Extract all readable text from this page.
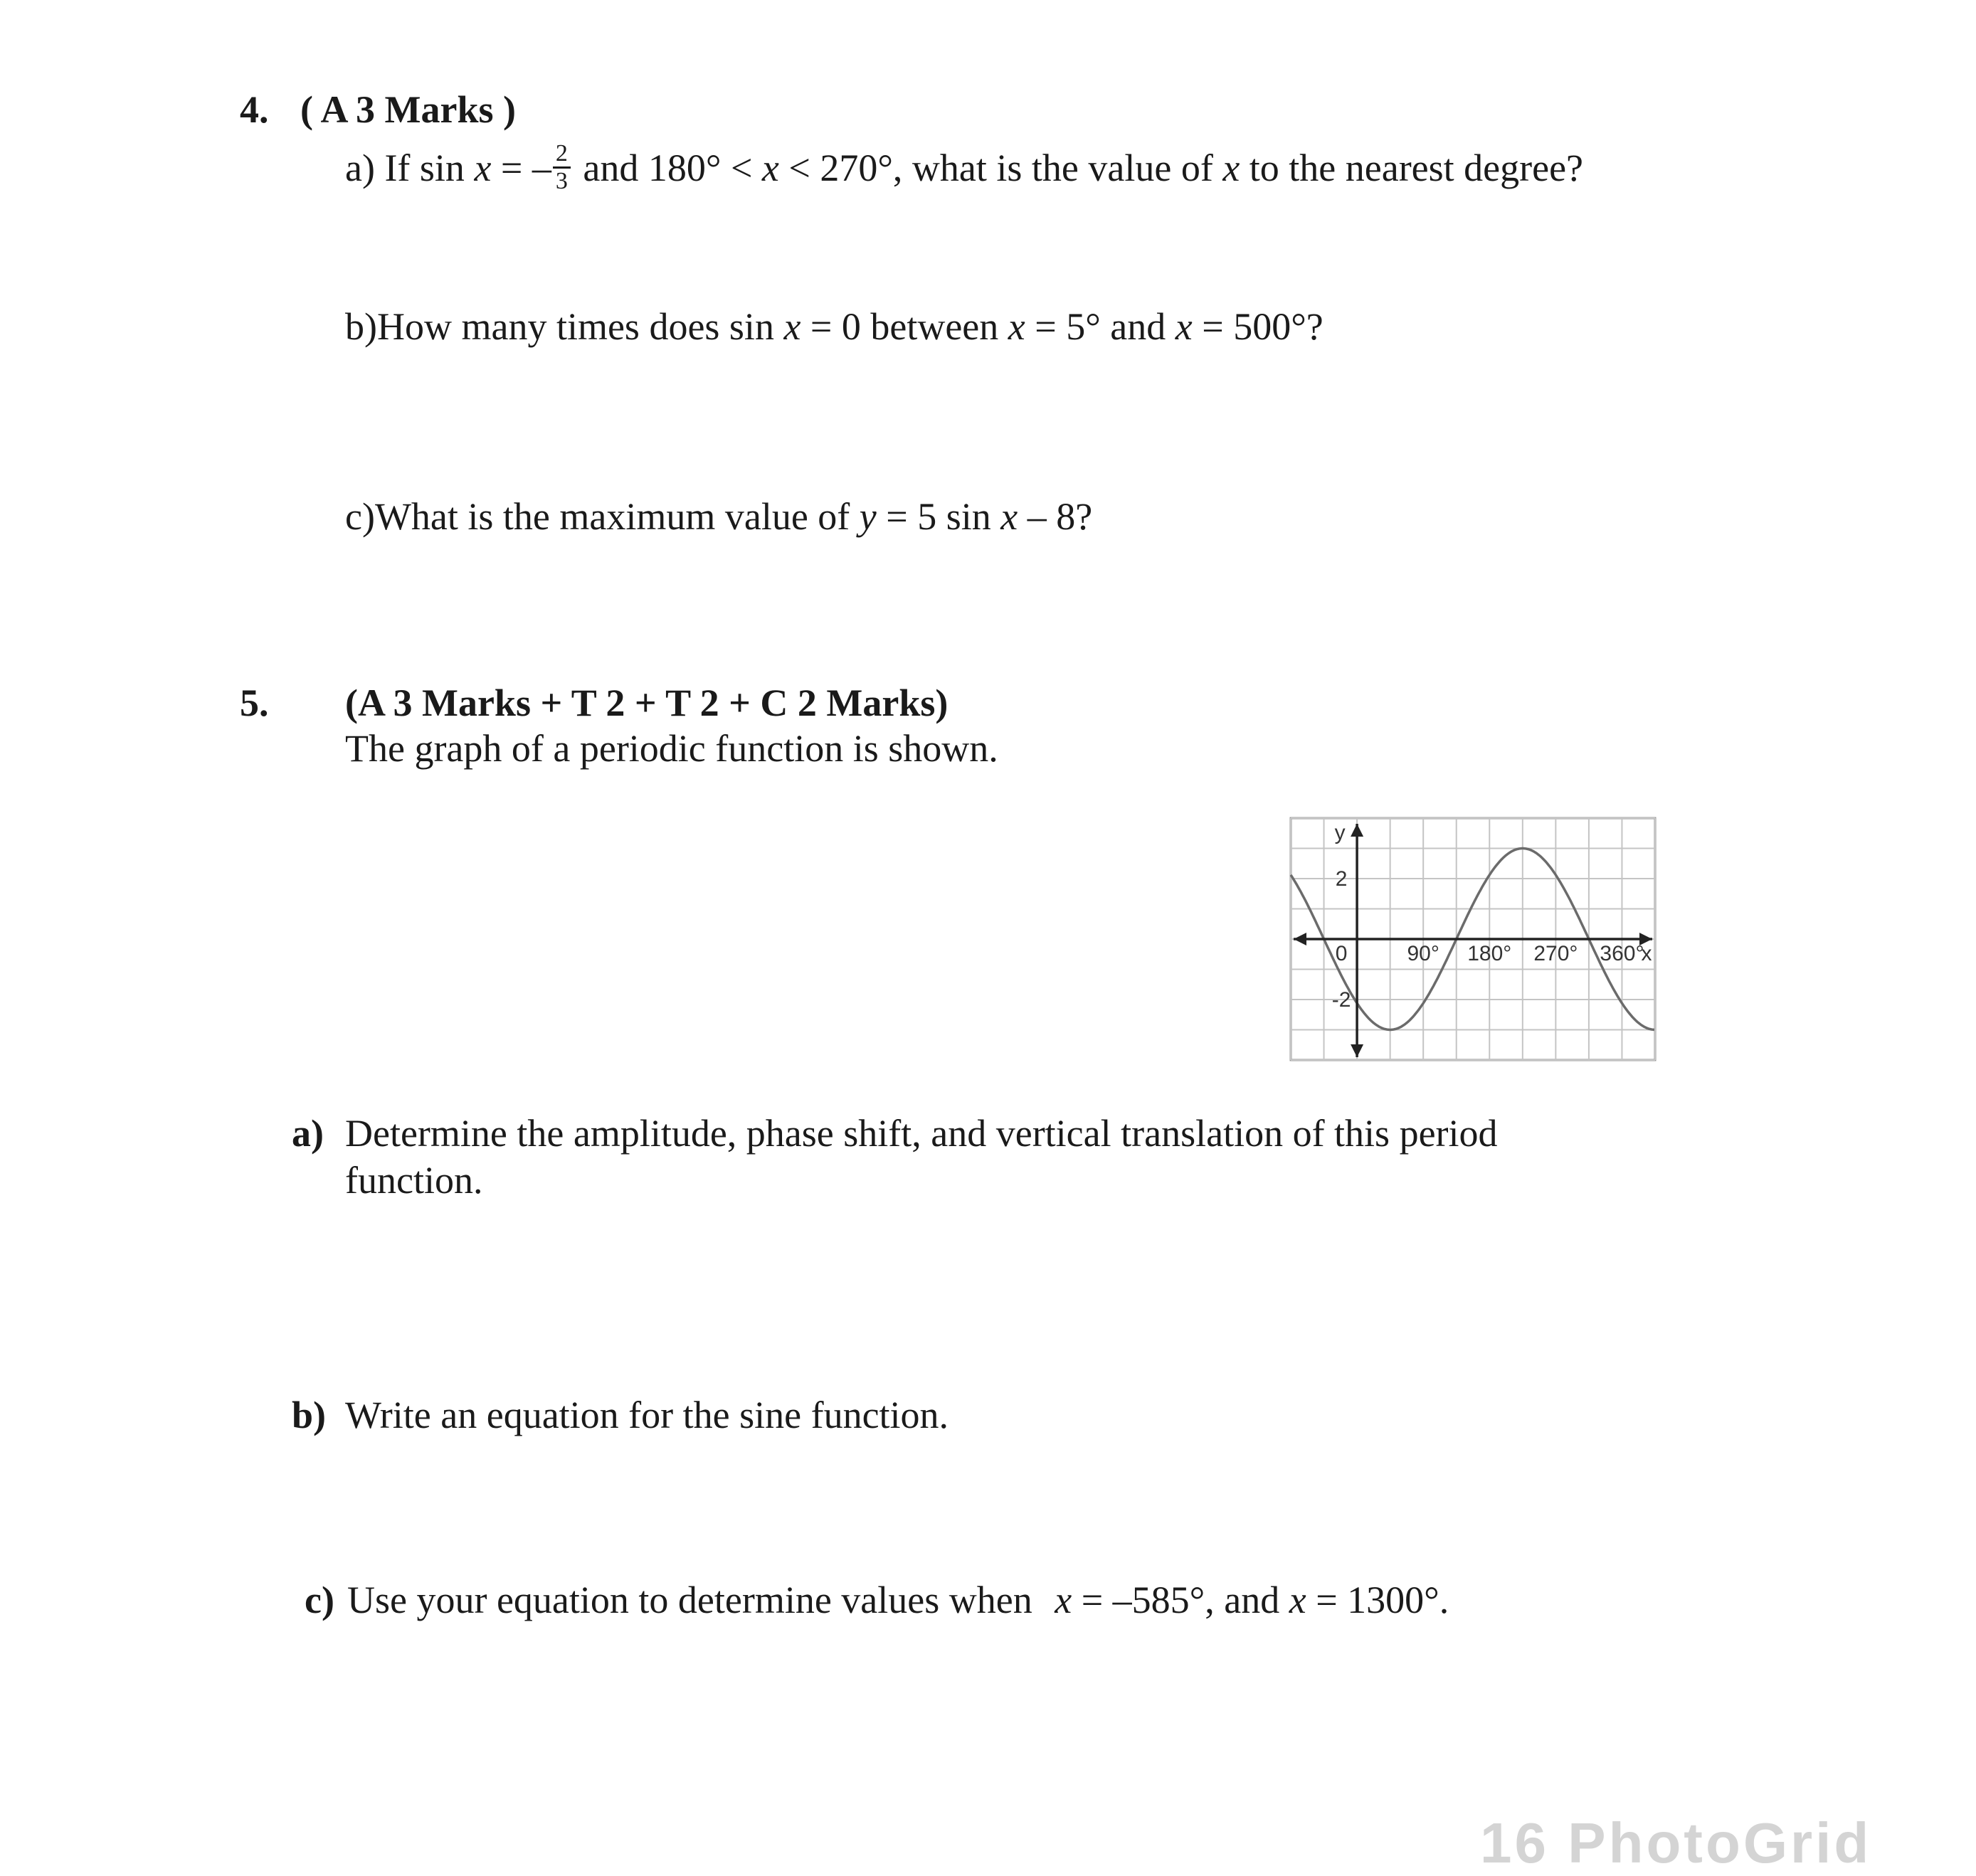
4. ( A 3 Marks )
a) If sin x = – $\frac{2}{3}$ and 180° < x < 270°, what is the value of x to the nearest degree?
b)How many times does sin x = 0 between x = 5° and x = 500°?
c)What is the maximum value of y = 5 sin x – 8?
5. (A 3 Marks + T 2 + T 2 + C 2 Marks)
The graph of a periodic function is shown.
90° 180° 270° 360°
2
-2
0
y
x
a) Determine the amplitude, phase shift, and vertical translation of this period
function.
b) Write an equation for the sine function.
c) Use your equation to determine values when x = –585°, and x = 1300°.
16 PhotoGrid
